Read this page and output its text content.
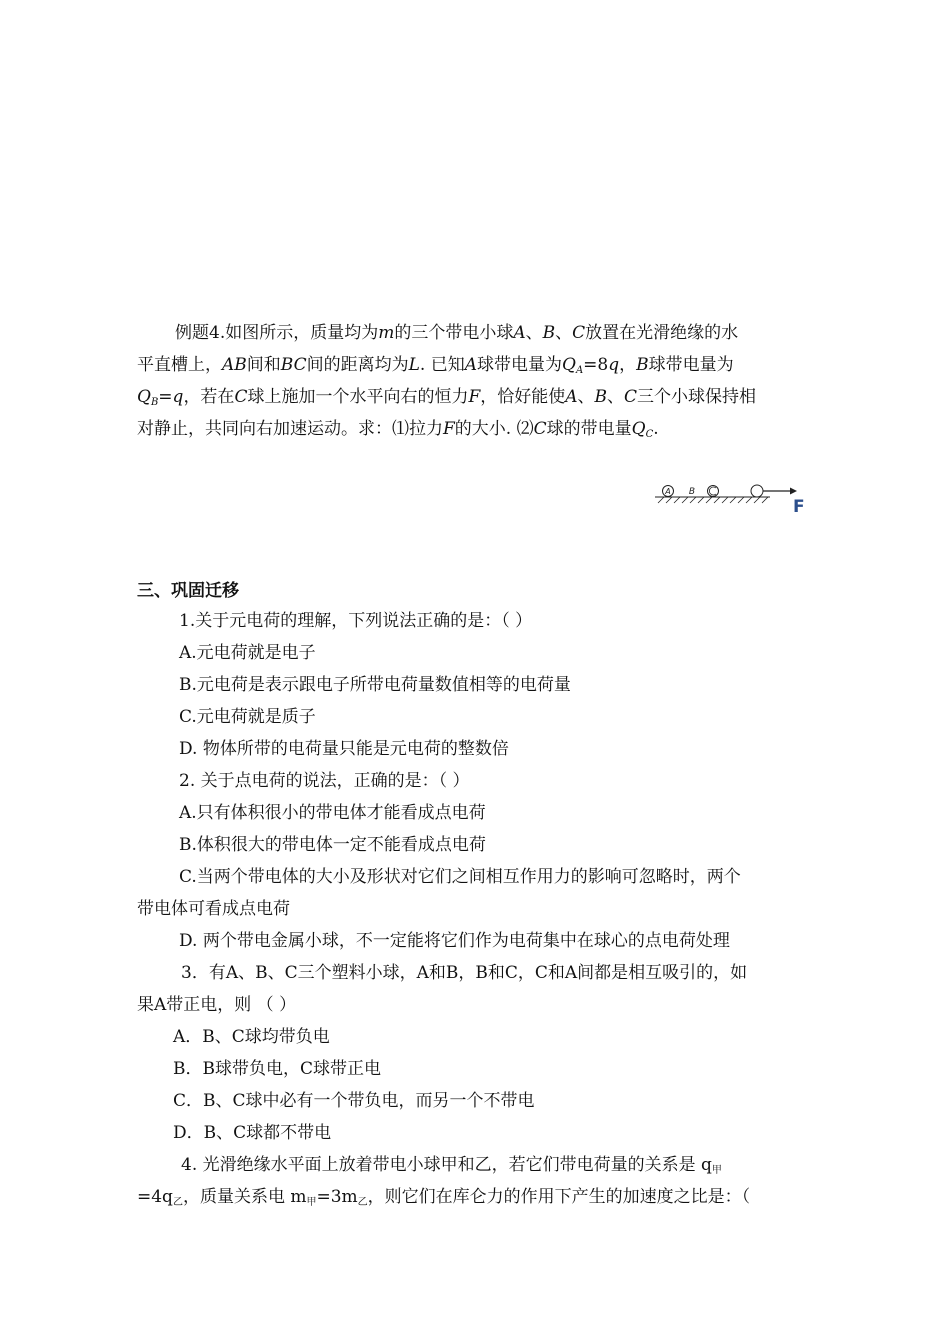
例题4.如图所示，质量均为m的三个带电小球A、B、C放置在光滑绝缘的水
平直槽上，AB间和BC间的距离均为L. 已知A球带电量为$Q_A=8q$，B球带电量为
$Q_B=q$，若在C球上施加一个水平向右的恒力F，恰好能使A、B、C三个小球保持相
对静止，共同向右加速运动。求：⑴拉力F的大小. ⑵C球的带电量$Q_C$.
A B
F
三、巩固迁移
1.关于元电荷的理解，下列说法正确的是：（ ）
A.元电荷就是电子
B.元电荷是表示跟电子所带电荷量数值相等的电荷量
C.元电荷就是质子
D. 物体所带的电荷量只能是元电荷的整数倍
2. 关于点电荷的说法，正确的是：（ ）
A.只有体积很小的带电体才能看成点电荷
B.体积很大的带电体一定不能看成点电荷
C.当两个带电体的大小及形状对它们之间相互作用力的影响可忽略时，两个
带电体可看成点电荷
D. 两个带电金属小球，不一定能将它们作为电荷集中在球心的点电荷处理
3．有A、B、C三个塑料小球，A和B，B和C，C和A间都是相互吸引的，如
果A带正电，则 （ ）
A．B、C球均带负电
B．B球带负电，C球带正电
C．B、C球中必有一个带负电，而另一个不带电
D．B、C球都不带电
4. 光滑绝缘水平面上放着带电小球甲和乙，若它们带电荷量的关系是 q甲
=4q乙，质量关系电 m甲=3m乙，则它们在库仑力的作用下产生的加速度之比是：（
